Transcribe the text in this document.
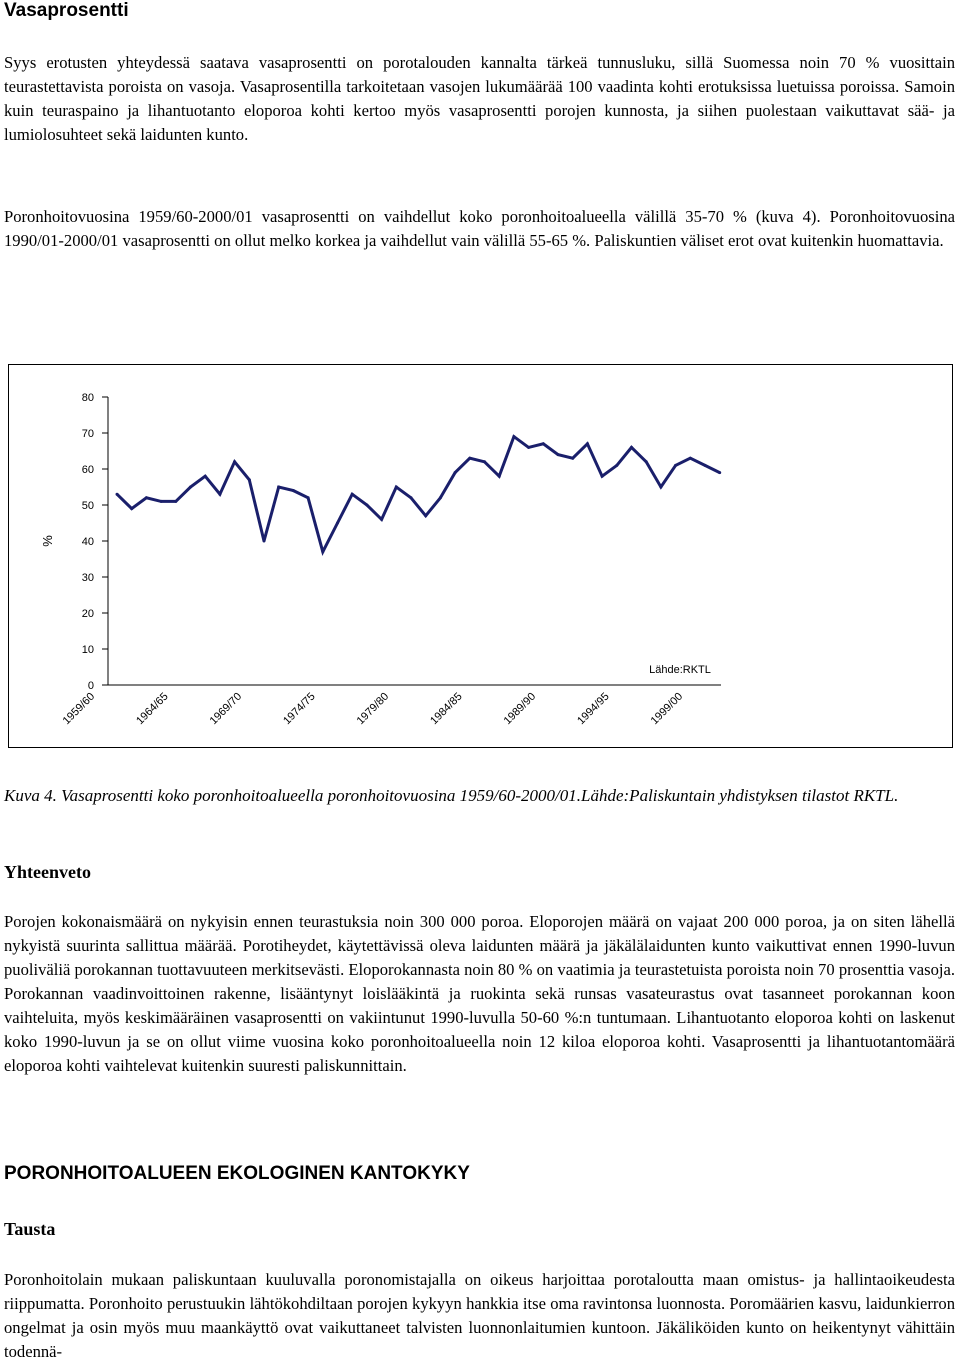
Vasaprosentti

Syys erotusten yhteydessä saatava vasaprosentti on porotalouden kannalta tärkeä tunnusluku, sillä Suomessa noin 70 % vuosittain teurastettavista poroista on vasoja. Vasaprosentilla tarkoitetaan vasojen lukumäärää 100 vaadinta kohti erotuksissa luetuissa poroissa. Samoin kuin teuraspaino ja lihantuotanto eloporoa kohti kertoo myös vasaprosentti porojen kunnosta, ja siihen puolestaan vaikuttavat sää- ja lumiolosuhteet sekä laidunten kunto.

Poronhoitovuosina 1959/60-2000/01 vasaprosentti on vaihdellut koko poronhoitoalueella välillä 35-70 % (kuva 4). Poronhoitovuosina 1990/01-2000/01 vasaprosentti on ollut melko korkea ja vaihdellut vain välillä 55-65 %. Paliskuntien väliset erot ovat kuitenkin huomattavia.

%
Lähde:RKTL
0
10
20
30
40
50
60
70
80
1959/60	1964/65	1969/70	1974/75	1979/80	1984/85	1989/90	1994/95	1999/00

Kuva 4. Vasaprosentti koko poronhoitoalueella poronhoitovuosina 1959/60-2000/01.Lähde:Paliskuntain yhdistyksen tilastot RKTL.

Yhteenveto

Porojen kokonaismäärä on nykyisin ennen teurastuksia noin 300 000 poroa. Eloporojen määrä on vajaat 200 000 poroa, ja on siten lähellä nykyistä suurinta sallittua määrää. Porotiheydet, käytettävissä oleva laidunten määrä ja jäkälälaidunten kunto vaikuttivat ennen 1990-luvun puoliväliä porokannan tuottavuuteen merkitsevästi. Eloporokannasta noin 80 % on vaatimia ja teurastetuista poroista noin 70 prosenttia vasoja. Porokannan vaadinvoittoinen rakenne, lisääntynyt loislääkintä ja ruokinta sekä runsas vasateurastus ovat tasanneet porokannan koon vaihteluita, myös keskimääräinen vasaprosentti on vakiintunut 1990-luvulla 50-60 %:n tuntumaan. Lihantuotanto eloporoa kohti on laskenut koko 1990-luvun ja se on ollut viime vuosina koko poronhoitoalueella noin 12 kiloa eloporoa kohti. Vasaprosentti ja lihantuotantomäärä eloporoa kohti vaihtelevat kuitenkin suuresti paliskunnittain.

PORONHOITOALUEEN EKOLOGINEN KANTOKYKY
Tausta

Poronhoitolain mukaan paliskuntaan kuuluvalla poronomistajalla on oikeus harjoittaa porotaloutta maan omistus- ja hallintaoikeudesta riippumatta. Poronhoito perustuukin lähtökohdiltaan porojen kykyyn hankkia itse oma ravintonsa luonnosta. Poromäärien kasvu, laidunkierron ongelmat ja osin myös muu maankäyttö ovat vaikuttaneet talvisten luonnonlaitumien kuntoon. Jäkäliköiden kunto on heikentynyt vähittäin todennä-
